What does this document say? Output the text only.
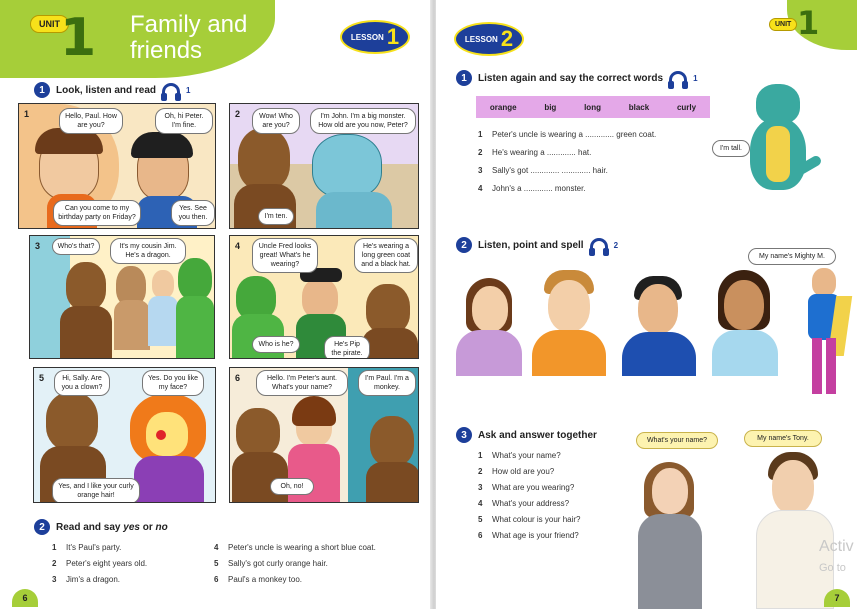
UNIT 1 Family and friends	LESSON 1
1	Look, listen and read	1
1	Hello, Paul. How are you?
Oh, hi Peter. I'm fine.
Can you come to my birthday party on Friday?
Yes. See you then.
2	Wow! Who are you?
I'm John. I'm a big monster. How old are you now, Peter?
I'm ten.
3	Who's that?	It's my cousin Jim. He's a dragon.
4	Uncle Fred looks great! What's he wearing?
He's wearing a long green coat and a black hat.
Who is he?	He's Pip the pirate.
5	Hi, Sally. Are you a clown?
Yes. Do you like my face?
Yes, and I like your curly orange hair!
6	Hello. I'm Peter's aunt. What's your name?
I'm Paul. I'm a monkey.
Oh, no!
2	Read and say yes or no
1 It's Paul's party.
2 Peter's eight years old.
3 Jim's a dragon.
4 Peter's uncle is wearing a short blue coat.
5 Sally's got curly orange hair.
6 Paul's a monkey too.
6
UNIT 1
LESSON 2
1	Listen again and say the correct words	1
orange	big	long	black	curly
1 Peter's uncle is wearing a ............. green coat.
2 He's wearing a ............. hat.
3 Sally's got ............. ............. hair.
4 John's a ............. monster.
I'm tall.
2	Listen, point and spell	2
My name's Mighty M.
3	Ask and answer together
1 What's your name?
2 How old are you?
3 What are you wearing?
4 What's your address?
5 What colour is your hair?
6 What age is your friend?
What's your name?	My name's Tony.
Activ
Go to
7
